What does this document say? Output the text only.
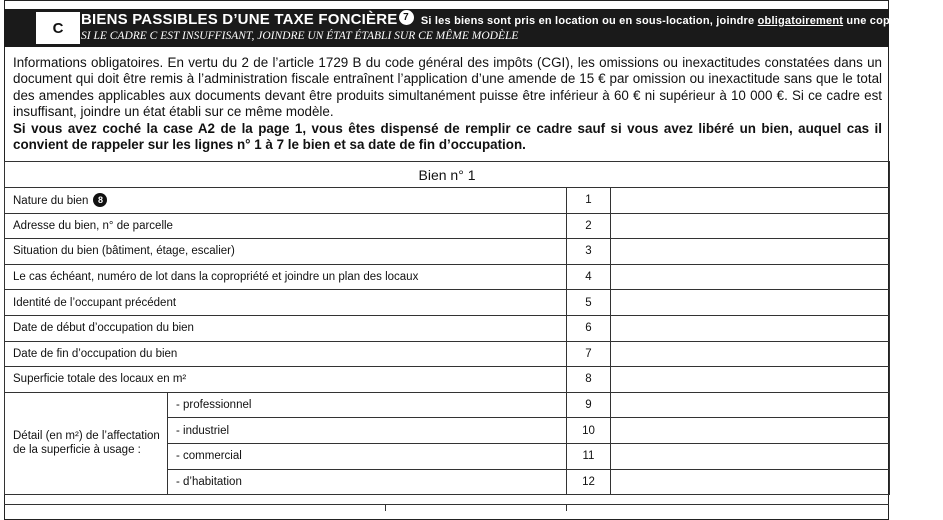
C	BIENS PASSIBLES D’UNE TAXE FONCIÈRE 7 Si les biens sont pris en location ou en sous-location, joindre obligatoirement une copie du bail.
SI LE CADRE C EST INSUFFISANT, JOINDRE UN ÉTAT ÉTABLI SUR CE MÊME MODÈLE

Informations obligatoires. En vertu du 2 de l’article 1729 B du code général des impôts (CGI), les omissions ou inexactitudes constatées dans un document qui doit être remis à l’administration fiscale entraînent l’application d’une amende de 15 € par omission ou inexactitude sans que le total des amendes applicables aux documents devant être produits simultanément puisse être inférieur à 60 € ni supérieur à 10 000 €. Si ce cadre est insuffisant, joindre un état établi sur ce même modèle.

Si vous avez coché la case A2 de la page 1, vous êtes dispensé de remplir ce cadre sauf si vous avez libéré un bien, auquel cas il convient de rappeler sur les lignes n° 1 à 7 le bien et sa date de fin d’occupation.

Bien n° 1			
Nature du bien 8		1	
Adresse du bien, n° de parcelle		2	
Situation du bien (bâtiment, étage, escalier)		3	
Le cas échéant, numéro de lot dans la copropriété et joindre un plan des locaux		4	
Identité de l’occupant précédent		5	
Date de début d’occupation du bien		6	
Date de fin d’occupation du bien		7	
Superficie totale des locaux en m²		8	

Détail (en m²) de l’affectation de la superficie à usage :	- professionnel	9	
	- industriel	10	
	- commercial	11	
	- d’habitation	12	
